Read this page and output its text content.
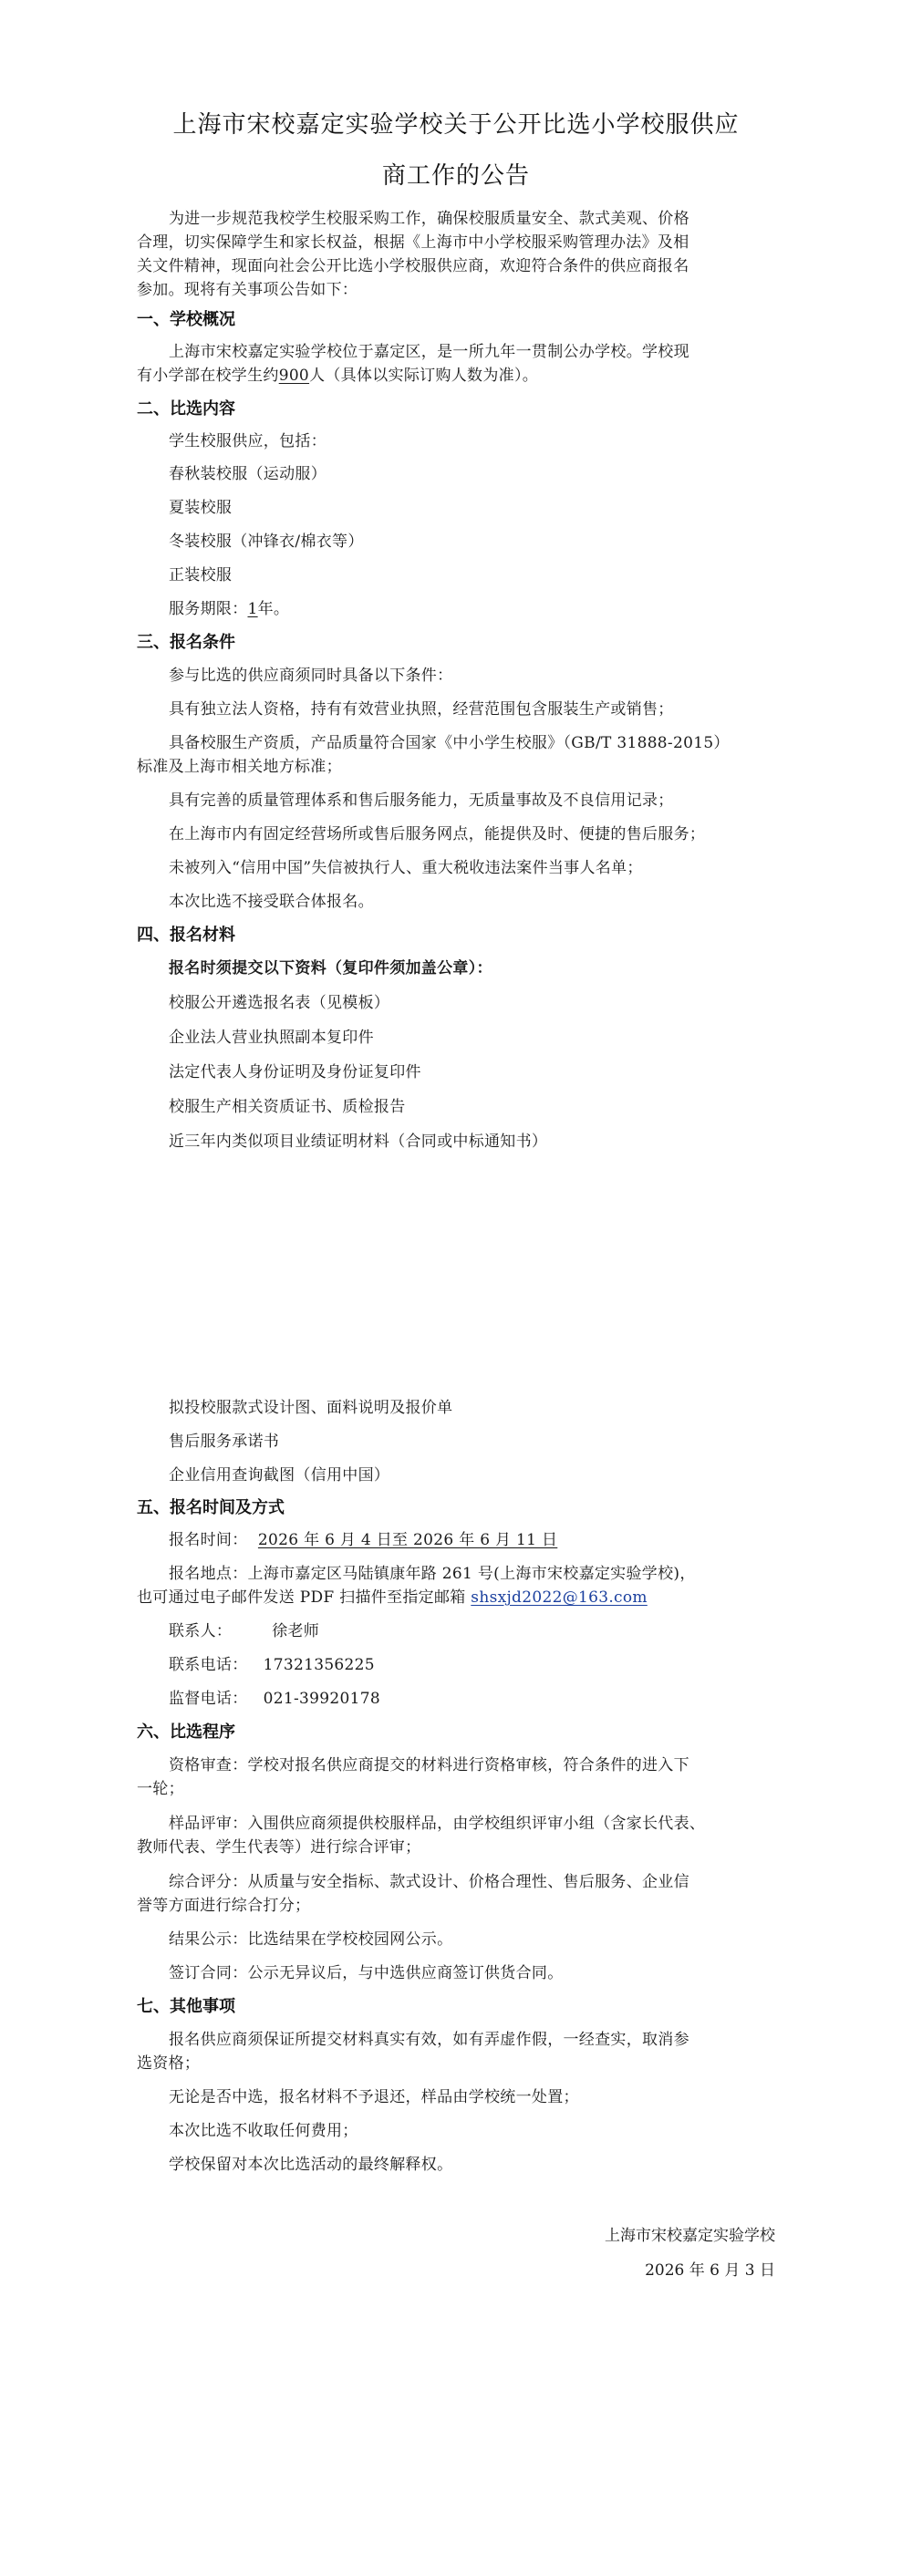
上海市宋校嘉定实验学校关于公开比选小学校服供应
商工作的公告
为进一步规范我校学生校服采购工作，确保校服质量安全、款式美观、价格
合理，切实保障学生和家长权益，根据《上海市中小学校服采购管理办法》及相
关文件精神，现面向社会公开比选小学校服供应商，欢迎符合条件的供应商报名
参加。现将有关事项公告如下：
一、学校概况
上海市宋校嘉定实验学校位于嘉定区，是一所九年一贯制公办学校。学校现
有小学部在校学生约900人（具体以实际订购人数为准）。
二、比选内容
学生校服供应，包括：
春秋装校服（运动服）
夏装校服
冬装校服（冲锋衣/棉衣等）
正装校服
服务期限：1年。
三、报名条件
参与比选的供应商须同时具备以下条件：
具有独立法人资格，持有有效营业执照，经营范围包含服装生产或销售；
具备校服生产资质，产品质量符合国家《中小学生校服》（GB/T 31888-2015）
标准及上海市相关地方标准；
具有完善的质量管理体系和售后服务能力，无质量事故及不良信用记录；
在上海市内有固定经营场所或售后服务网点，能提供及时、便捷的售后服务；
未被列入“信用中国”失信被执行人、重大税收违法案件当事人名单；
本次比选不接受联合体报名。
四、报名材料
报名时须提交以下资料（复印件须加盖公章）：
校服公开遴选报名表（见模板）
企业法人营业执照副本复印件
法定代表人身份证明及身份证复印件
校服生产相关资质证书、质检报告
近三年内类似项目业绩证明材料（合同或中标通知书）
拟投校服款式设计图、面料说明及报价单
售后服务承诺书
企业信用查询截图（信用中国）
五、报名时间及方式
报名时间： 2026 年 6 月 4 日至 2026 年 6 月 11 日
报名地点：上海市嘉定区马陆镇康年路 261 号(上海市宋校嘉定实验学校)，
也可通过电子邮件发送 PDF 扫描件至指定邮箱 shsxjd2022@163.com
联系人：	徐老师
联系电话： 17321356225
监督电话： 021-39920178
六、比选程序
资格审查：学校对报名供应商提交的材料进行资格审核，符合条件的进入下
一轮；
样品评审：入围供应商须提供校服样品，由学校组织评审小组（含家长代表、
教师代表、学生代表等）进行综合评审；
综合评分：从质量与安全指标、款式设计、价格合理性、售后服务、企业信
誉等方面进行综合打分；
结果公示：比选结果在学校校园网公示。
签订合同：公示无异议后，与中选供应商签订供货合同。
七、其他事项
报名供应商须保证所提交材料真实有效，如有弄虚作假，一经查实，取消参
选资格；
无论是否中选，报名材料不予退还，样品由学校统一处置；
本次比选不收取任何费用；
学校保留对本次比选活动的最终解释权。
上海市宋校嘉定实验学校
2026 年 6 月 3 日
